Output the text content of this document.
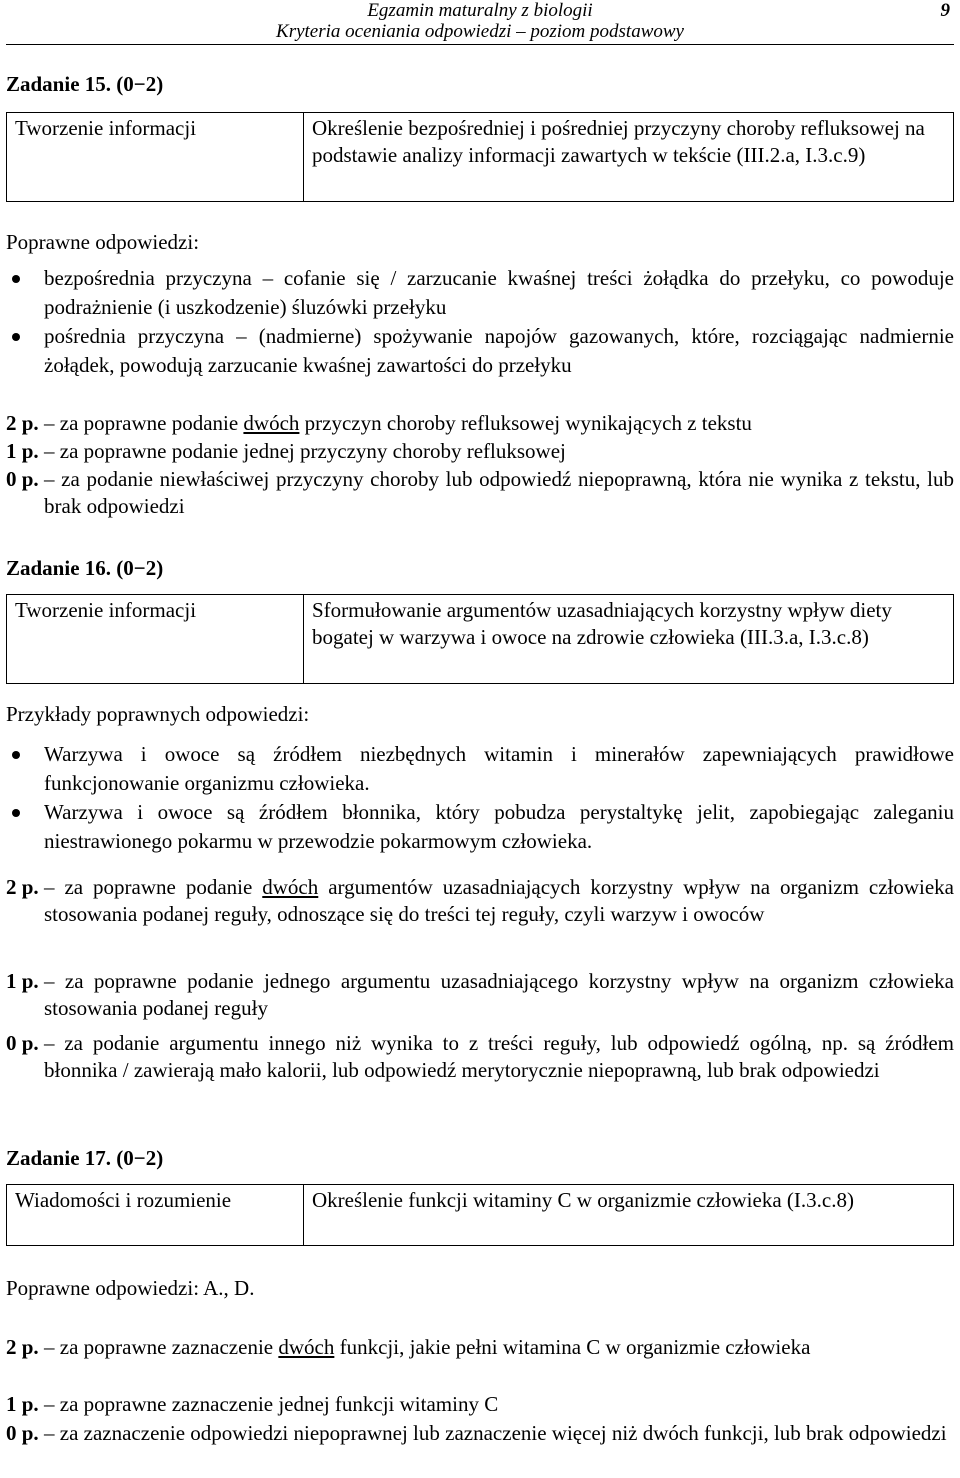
Egzamin maturalny z biologii
Kryteria oceniania odpowiedzi – poziom podstawowy
9
Zadanie 15. (0−2)
Tworzenie informacji	Określenie bezpośredniej i pośredniej przyczyny choroby refluksowej na podstawie analizy informacji zawartych w tekście (III.2.a, I.3.c.9)
Poprawne odpowiedzi:
bezpośrednia przyczyna – cofanie się / zarzucanie kwaśnej treści żołądka do przełyku, co powoduje podrażnienie (i uszkodzenie) śluzówki przełyku
pośrednia przyczyna – (nadmierne) spożywanie napojów gazowanych, które, rozciągając nadmiernie żołądek, powodują zarzucanie kwaśnej zawartości do przełyku
2 p. – za poprawne podanie dwóch przyczyn choroby refluksowej wynikających z tekstu
1 p. – za poprawne podanie jednej przyczyny choroby refluksowej
0 p. – za podanie niewłaściwej przyczyny choroby lub odpowiedź niepoprawną, która nie wynika z tekstu, lub brak odpowiedzi
Zadanie 16. (0−2)
Tworzenie informacji	Sformułowanie argumentów uzasadniających korzystny wpływ diety bogatej w warzywa i owoce na zdrowie człowieka (III.3.a, I.3.c.8)
Przykłady poprawnych odpowiedzi:
Warzywa i owoce są źródłem niezbędnych witamin i minerałów zapewniających prawidłowe funkcjonowanie organizmu człowieka.
Warzywa i owoce są źródłem błonnika, który pobudza perystaltykę jelit, zapobiegając zaleganiu niestrawionego pokarmu w przewodzie pokarmowym człowieka.
2 p. – za poprawne podanie dwóch argumentów uzasadniających korzystny wpływ na organizm człowieka stosowania podanej reguły, odnoszące się do treści tej reguły, czyli warzyw i owoców
1 p. – za poprawne podanie jednego argumentu uzasadniającego korzystny wpływ na organizm człowieka stosowania podanej reguły
0 p. – za podanie argumentu innego niż wynika to z treści reguły, lub odpowiedź ogólną, np. są źródłem błonnika / zawierają mało kalorii, lub odpowiedź merytorycznie niepoprawną, lub brak odpowiedzi
Zadanie 17. (0−2)
Wiadomości i rozumienie	Określenie funkcji witaminy C w organizmie człowieka (I.3.c.8)
Poprawne odpowiedzi: A., D.
2 p. – za poprawne zaznaczenie dwóch funkcji, jakie pełni witamina C w organizmie człowieka
1 p. – za poprawne zaznaczenie jednej funkcji witaminy C
0 p. – za zaznaczenie odpowiedzi niepoprawnej lub zaznaczenie więcej niż dwóch funkcji, lub brak odpowiedzi
